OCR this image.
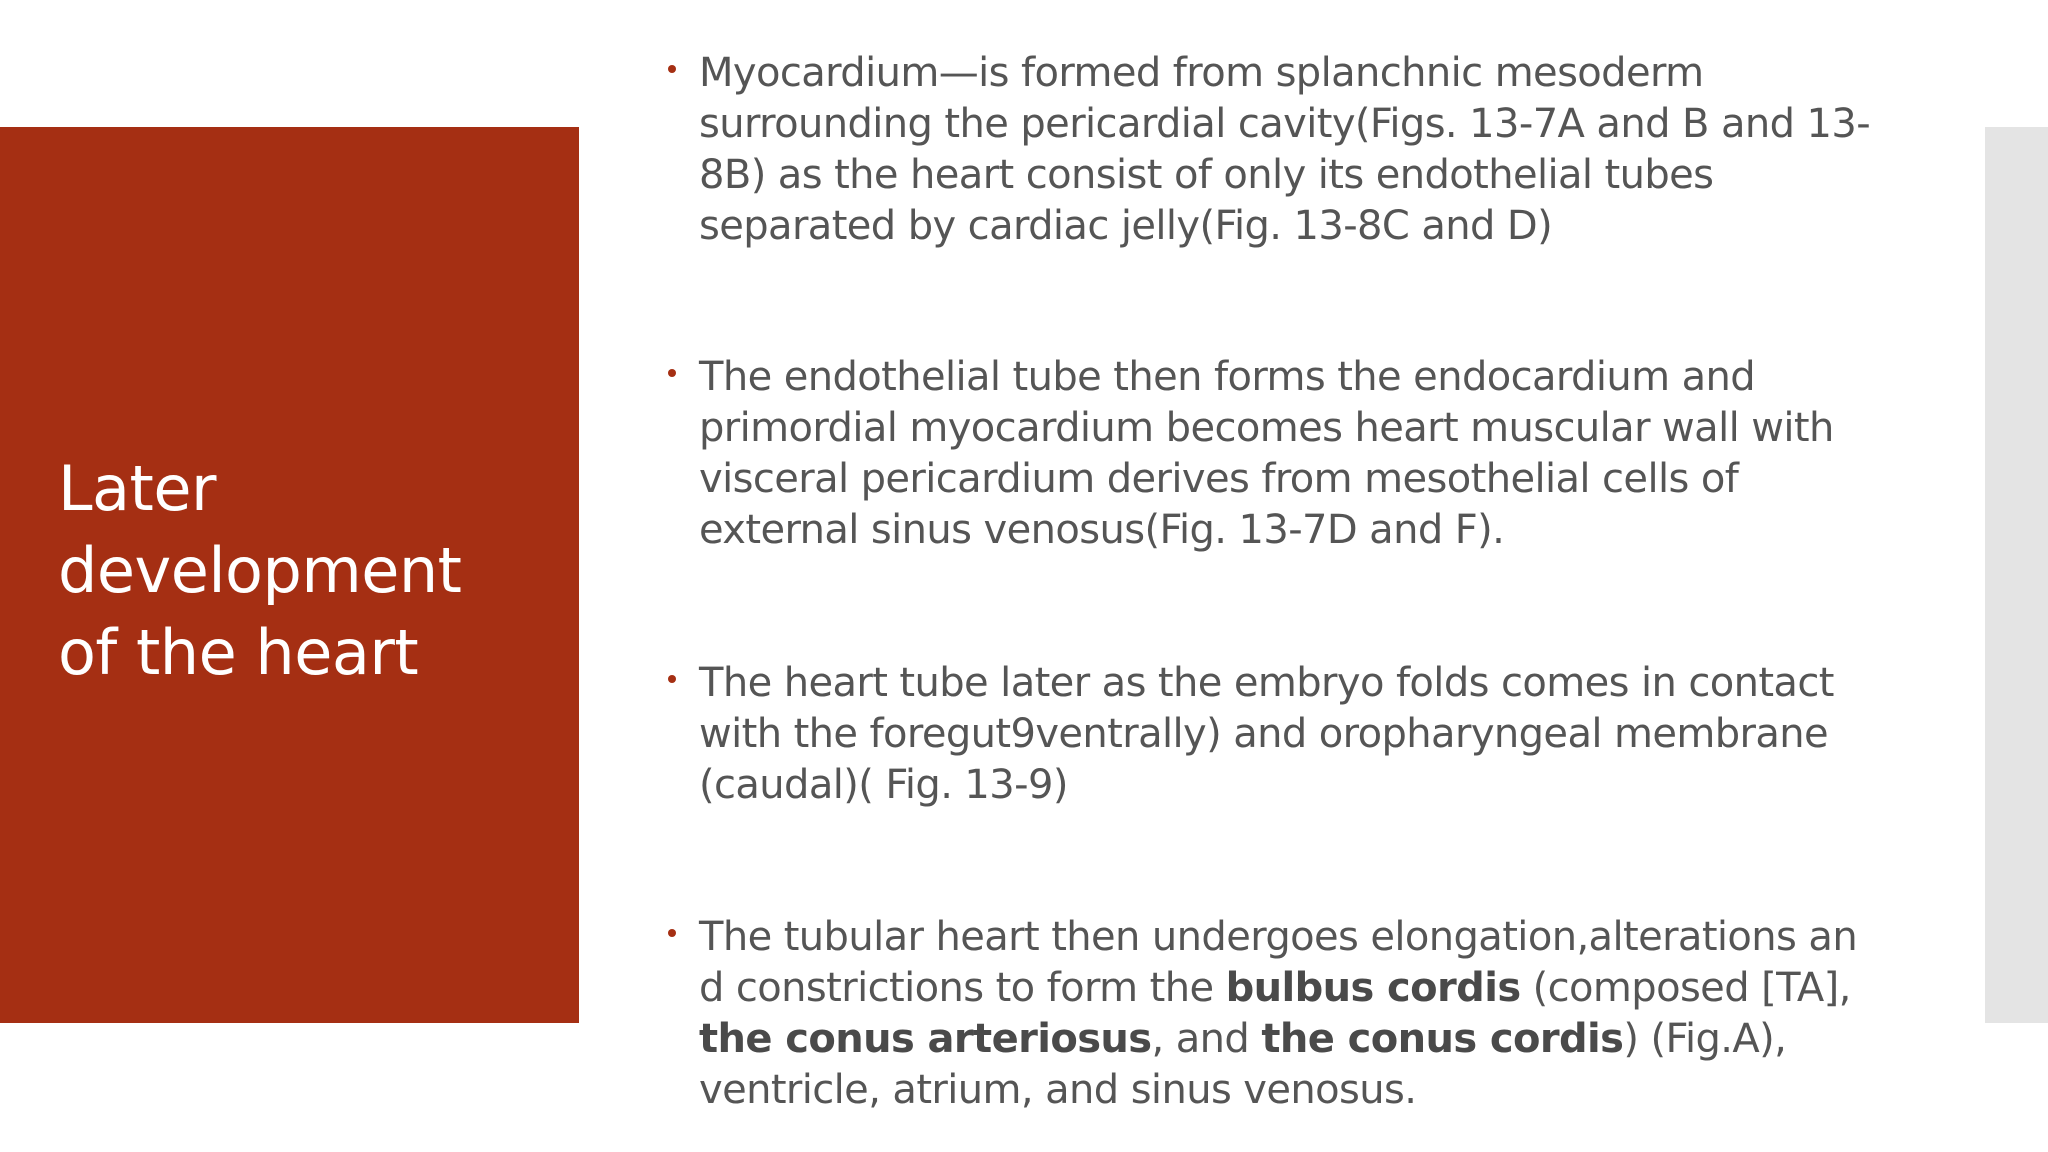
Later
development
of the heart
Myocardium—is formed from splanchnic mesoderm
surrounding the pericardial cavity(Figs. 13-7A and B and 13-
8B) as the heart consist of only its endothelial tubes
separated by cardiac jelly(Fig. 13-8C and D)
The endothelial tube then forms the endocardium and
primordial myocardium becomes heart muscular wall with
visceral pericardium derives from mesothelial cells of
external sinus venosus(Fig. 13-7D and F).
The heart tube later as the embryo folds comes in contact
with the foregut9ventrally) and oropharyngeal membrane
(caudal)( Fig. 13-9)
The tubular heart then undergoes elongation,alterations an
d constrictions to form the bulbus cordis (composed [TA],
the conus arteriosus, and the conus cordis) (Fig.A),
ventricle, atrium, and sinus venosus.
